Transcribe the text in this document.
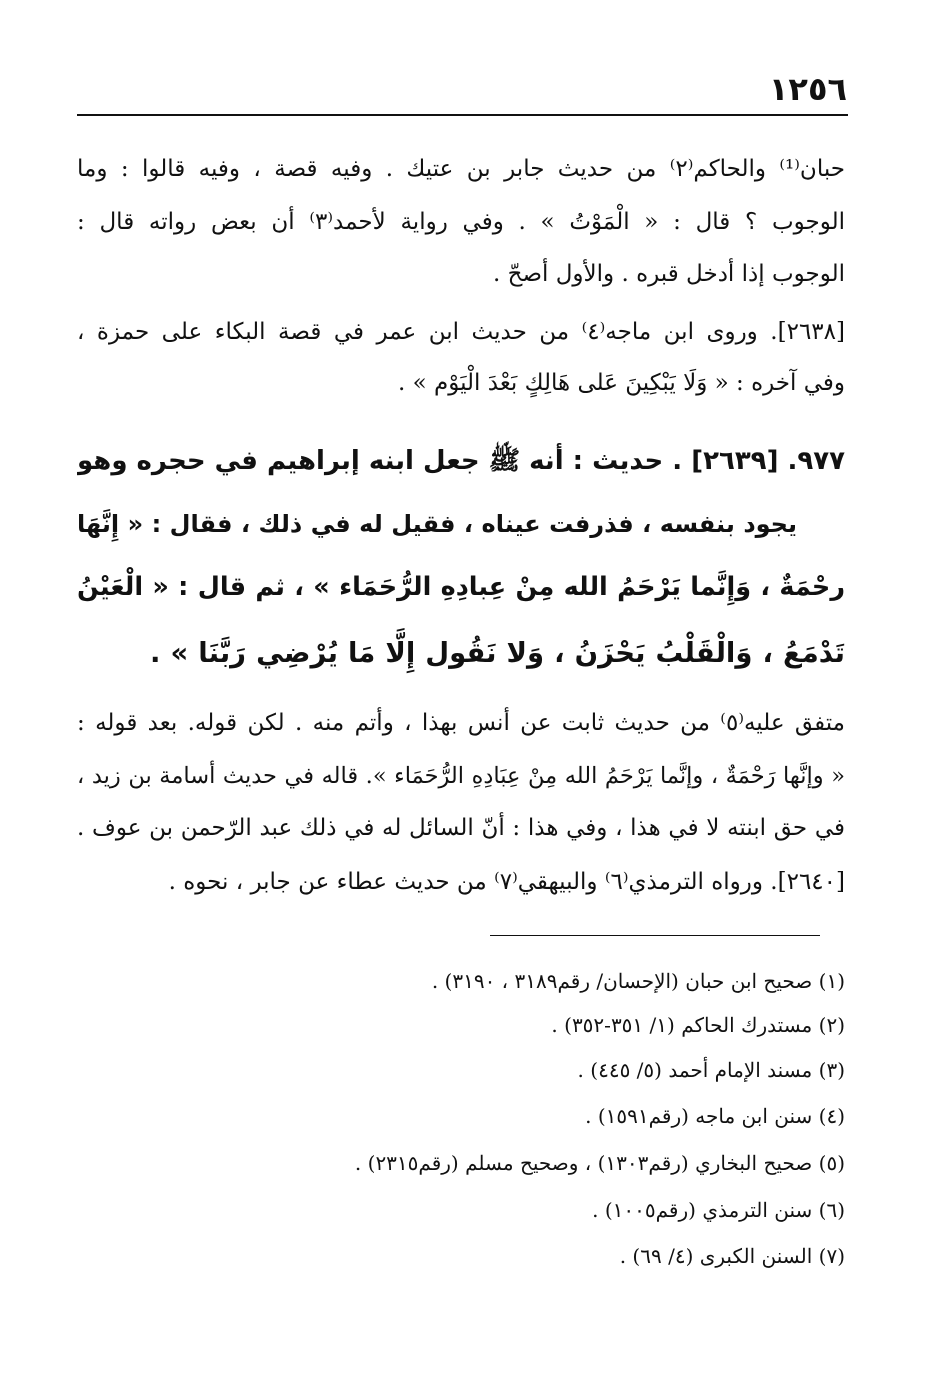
١٢٥٦
حبان⁽¹⁾ والحاكم⁽٢⁾ من حديث جابر بن عتيك . وفيه قصة ، وفيه قالوا : وما
الوجوب ؟ قال : « الْمَوْتُ » . وفي رواية لأحمد⁽٣⁾ أن بعض رواته قال :
الوجوب إذا أدخل قبره . والأول أصحّ .
[٢٦٣٨]. وروى ابن ماجه⁽٤⁾ من حديث ابن عمر في قصة البكاء على حمزة ،
وفي آخره : « وَلَا يَبْكِينَ عَلى هَالِكٍ بَعْدَ الْيَوْم » .
٩٧٧. [٢٦٣٩] . حديث : أنه ﷺ جعل ابنه إبراهيم في حجره وهو
يجود بنفسه ، فذرفت عيناه ، فقيل له في ذلك ، فقال : « إِنَّهَا
رحْمَةٌ ، وَإِنَّما يَرْحَمُ الله مِنْ عِبادِهِ الرُّحَمَاء » ، ثم قال : « الْعَيْنُ
تَدْمَعُ ، وَالْقَلْبُ يَحْزَنُ ، وَلا نَقُول إِلَّا مَا يُرْضِي رَبَّنَا » .
متفق عليه⁽٥⁾ من حديث ثابت عن أنس بهذا ، وأتم منه . لكن قوله. بعد قوله :
« وإنَّها رَحْمَةٌ ، وإنَّما يَرْحَمُ الله مِنْ عِبَادِهِ الرُّحَمَاء ». قاله في حديث أسامة بن زيد ،
في حق ابنته لا في هذا ، وفي هذا : أنّ السائل له في ذلك عبد الرّحمن بن عوف .
[٢٦٤٠]. ورواه الترمذي⁽٦⁾ والبيهقي⁽٧⁾ من حديث عطاء عن جابر ، نحوه .
(١) صحيح ابن حبان (الإحسان/ رقم٣١٨٩ ، ٣١٩٠) .
(٢) مستدرك الحاكم (١/ ٣٥١-٣٥٢) .
(٣) مسند الإمام أحمد (٥/ ٤٤٥) .
(٤) سنن ابن ماجه (رقم١٥٩١) .
(٥) صحيح البخاري (رقم١٣٠٣) ، وصحيح مسلم (رقم٢٣١٥) .
(٦) سنن الترمذي (رقم١٠٠٥) .
(٧) السنن الكبرى (٤/ ٦٩) .
